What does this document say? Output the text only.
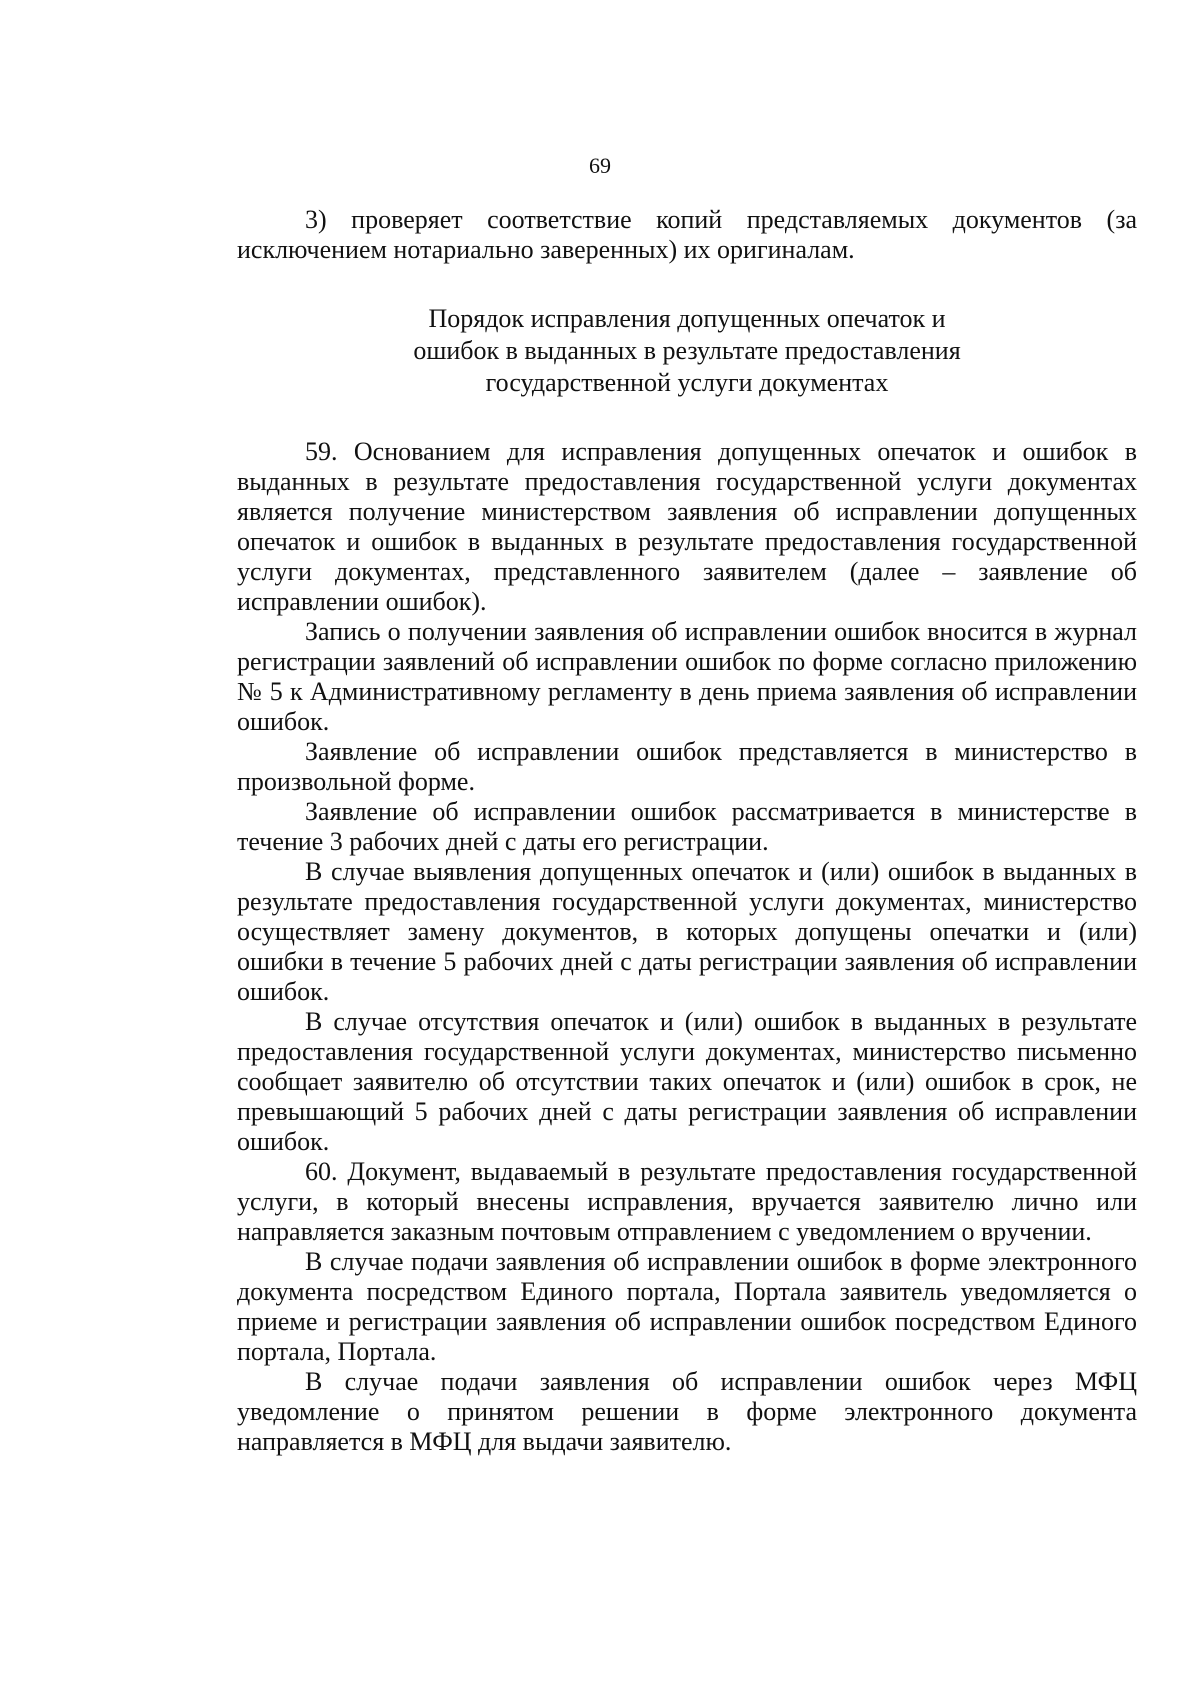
69

3) проверяет соответствие копий представляемых документов (за исключением нотариально заверенных) их оригиналам.

Порядок исправления допущенных опечаток и
ошибок в выданных в результате предоставления
государственной услуги документах

59. Основанием для исправления допущенных опечаток и ошибок в выданных в результате предоставления государственной услуги документах является получение министерством заявления об исправлении допущенных опечаток и ошибок в выданных в результате предоставления государственной услуги документах, представленного заявителем (далее – заявление об исправлении ошибок).

Запись о получении заявления об исправлении ошибок вносится в журнал регистрации заявлений об исправлении ошибок по форме согласно приложению № 5 к Административному регламенту в день приема заявления об исправлении ошибок.

Заявление об исправлении ошибок представляется в министерство в произвольной форме.

Заявление об исправлении ошибок рассматривается в министерстве в течение 3 рабочих дней с даты его регистрации.

В случае выявления допущенных опечаток и (или) ошибок в выданных в результате предоставления государственной услуги документах, министерство осуществляет замену документов, в которых допущены опечатки и (или) ошибки в течение 5 рабочих дней с даты регистрации заявления об исправлении ошибок.

В случае отсутствия опечаток и (или) ошибок в выданных в результате предоставления государственной услуги документах, министерство письменно сообщает заявителю об отсутствии таких опечаток и (или) ошибок в срок, не превышающий 5 рабочих дней с даты регистрации заявления об исправлении ошибок.

60. Документ, выдаваемый в результате предоставления государственной услуги, в который внесены исправления, вручается заявителю лично или направляется заказным почтовым отправлением с уведомлением о вручении.

В случае подачи заявления об исправлении ошибок в форме электронного документа посредством Единого портала, Портала заявитель уведомляется о приеме и регистрации заявления об исправлении ошибок посредством Единого портала, Портала.

В случае подачи заявления об исправлении ошибок через МФЦ уведомление о принятом решении в форме электронного документа направляется в МФЦ для выдачи заявителю.
